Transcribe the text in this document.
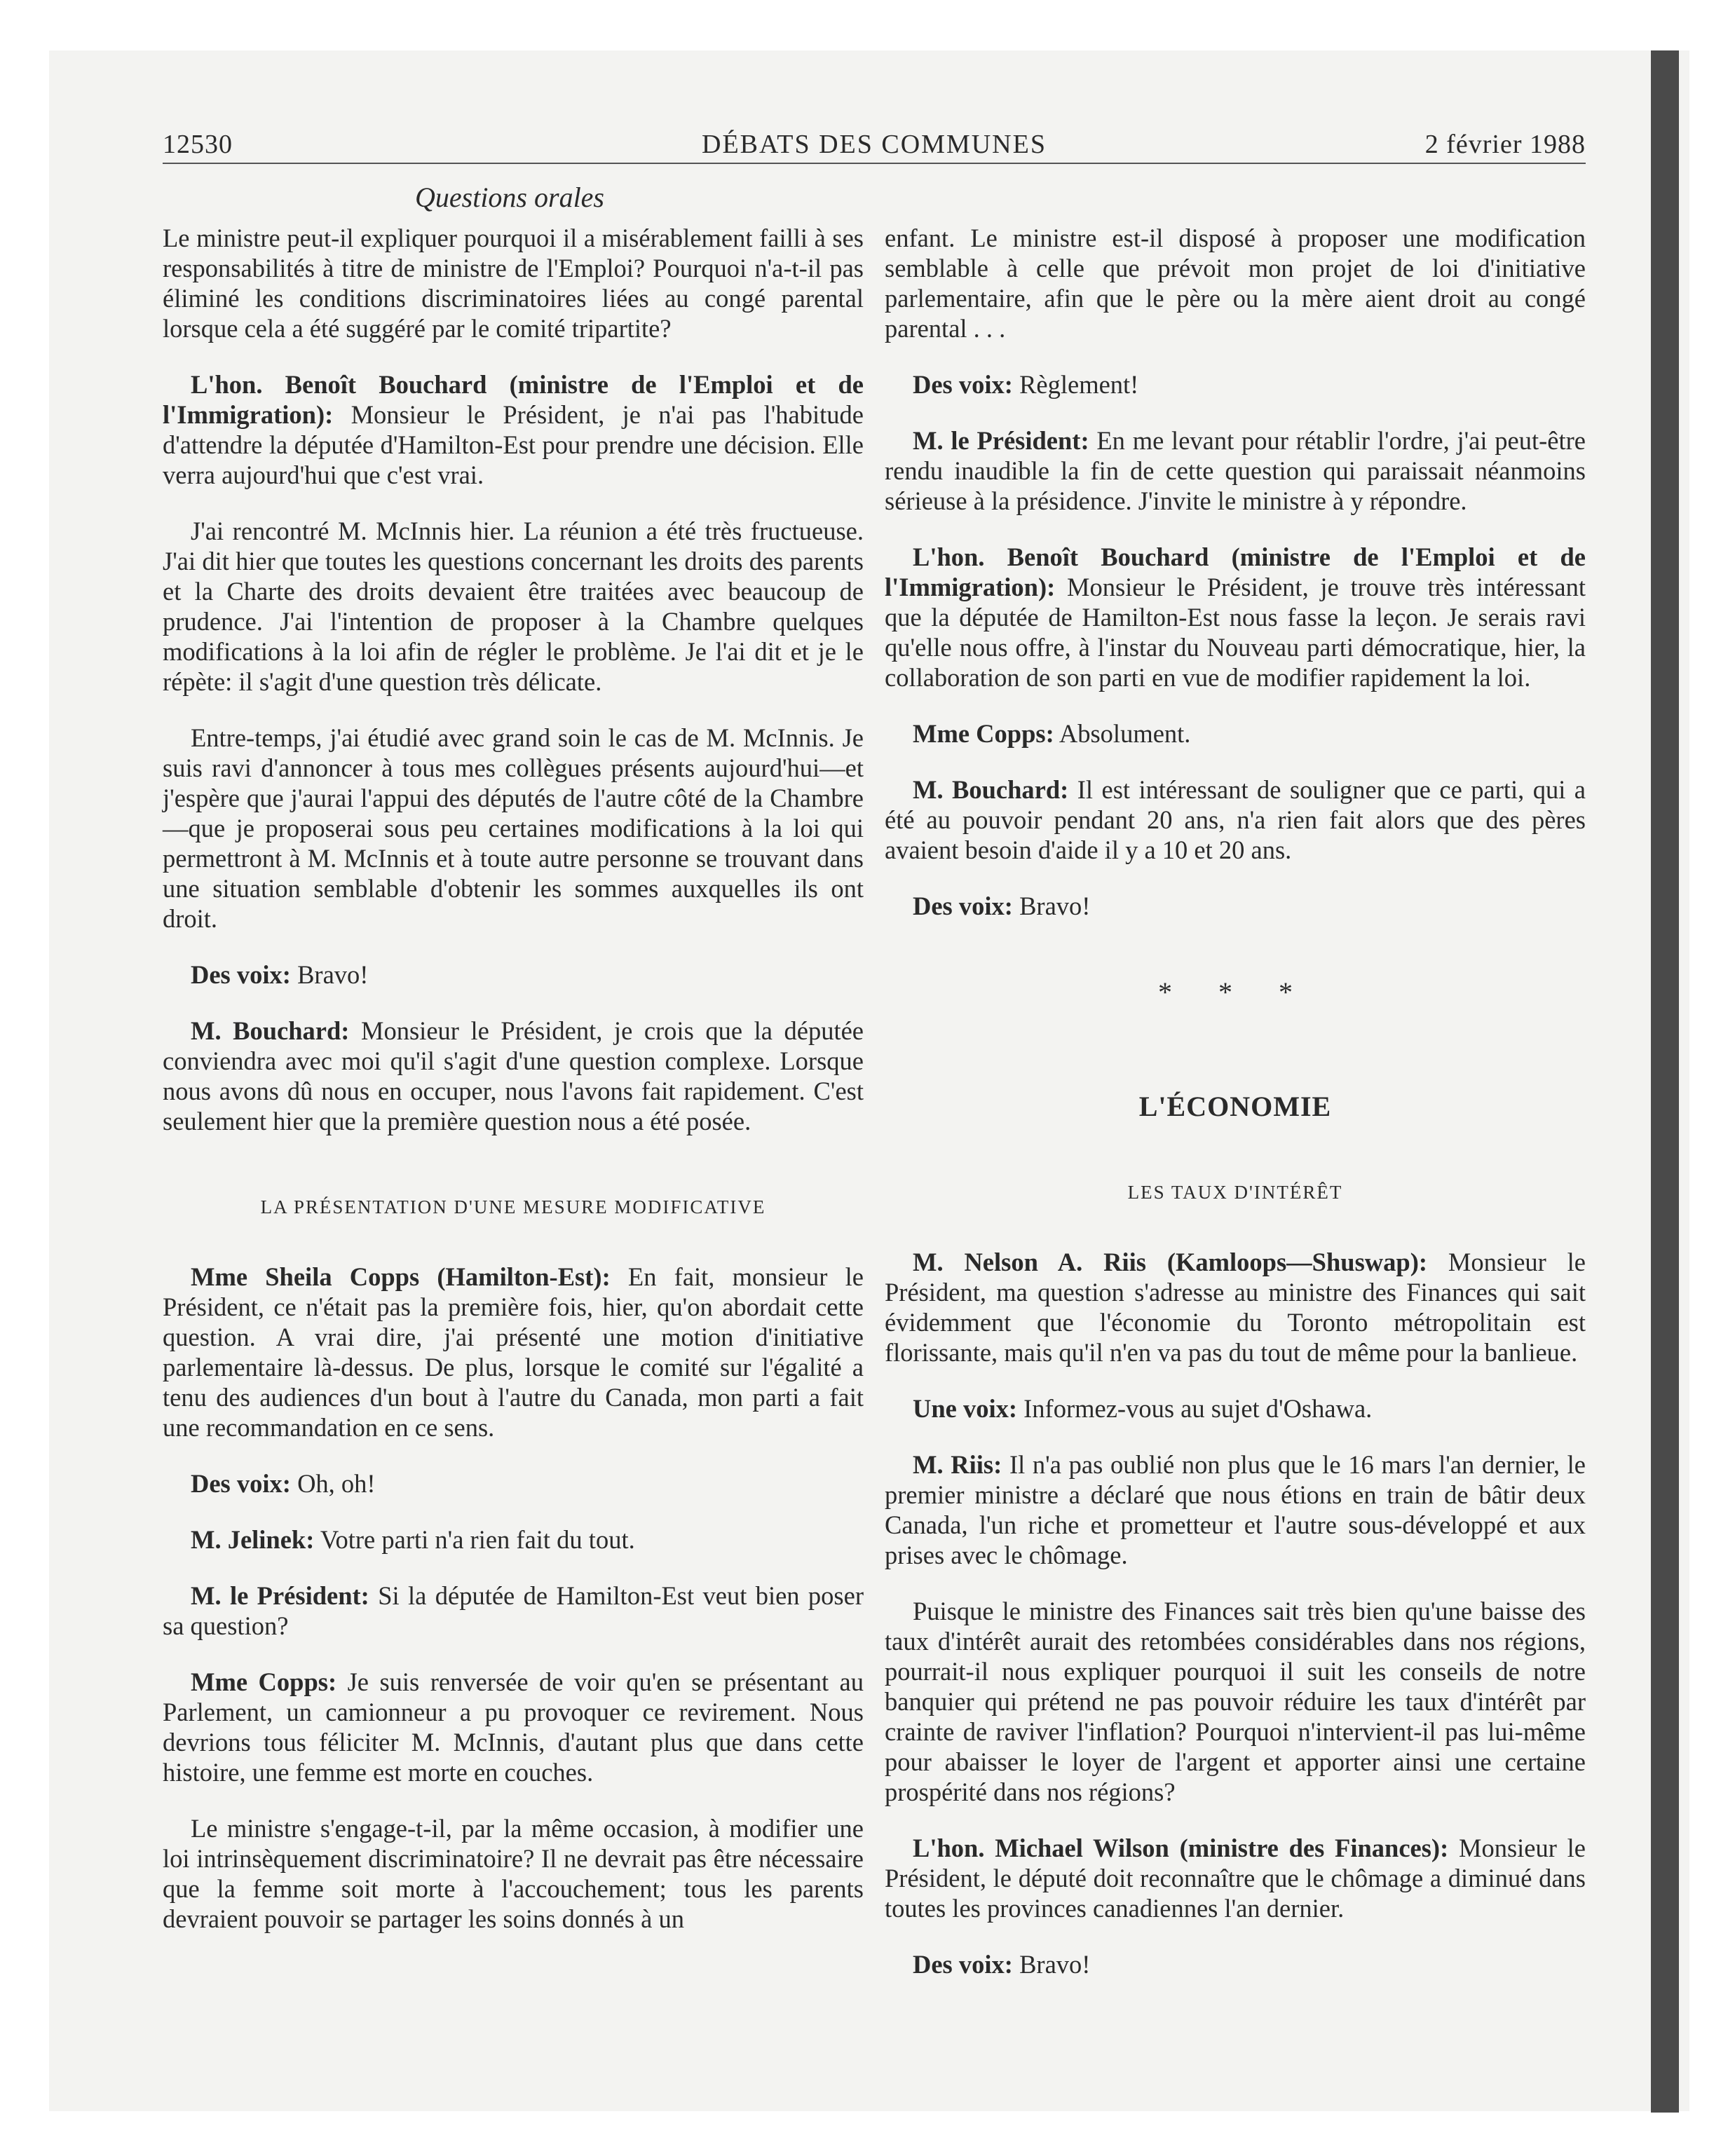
12530	DÉBATS DES COMMUNES	2 février 1988
Questions orales

Le ministre peut-il expliquer pourquoi il a misérablement failli à ses responsabilités à titre de ministre de l'Emploi? Pourquoi n'a-t-il pas éliminé les conditions discriminatoires liées au congé parental lorsque cela a été suggéré par le comité tripartite?

L'hon. Benoît Bouchard (ministre de l'Emploi et de l'Immigration): Monsieur le Président, je n'ai pas l'habitude d'attendre la députée d'Hamilton-Est pour prendre une décision. Elle verra aujourd'hui que c'est vrai.

J'ai rencontré M. McInnis hier. La réunion a été très fructueuse. J'ai dit hier que toutes les questions concernant les droits des parents et la Charte des droits devaient être traitées avec beaucoup de prudence. J'ai l'intention de proposer à la Chambre quelques modifications à la loi afin de régler le problème. Je l'ai dit et je le répète: il s'agit d'une question très délicate.

Entre-temps, j'ai étudié avec grand soin le cas de M. McInnis. Je suis ravi d'annoncer à tous mes collègues présents aujourd'hui—et j'espère que j'aurai l'appui des députés de l'autre côté de la Chambre—que je proposerai sous peu certaines modifications à la loi qui permettront à M. McInnis et à toute autre personne se trouvant dans une situation semblable d'obtenir les sommes auxquelles ils ont droit.

Des voix: Bravo!

M. Bouchard: Monsieur le Président, je crois que la députée conviendra avec moi qu'il s'agit d'une question complexe. Lorsque nous avons dû nous en occuper, nous l'avons fait rapidement. C'est seulement hier que la première question nous a été posée.

LA PRÉSENTATION D'UNE MESURE MODIFICATIVE

Mme Sheila Copps (Hamilton-Est): En fait, monsieur le Président, ce n'était pas la première fois, hier, qu'on abordait cette question. A vrai dire, j'ai présenté une motion d'initiative parlementaire là-dessus. De plus, lorsque le comité sur l'égalité a tenu des audiences d'un bout à l'autre du Canada, mon parti a fait une recommandation en ce sens.

Des voix: Oh, oh!

M. Jelinek: Votre parti n'a rien fait du tout.

M. le Président: Si la députée de Hamilton-Est veut bien poser sa question?

Mme Copps: Je suis renversée de voir qu'en se présentant au Parlement, un camionneur a pu provoquer ce revirement. Nous devrions tous féliciter M. McInnis, d'autant plus que dans cette histoire, une femme est morte en couches.

Le ministre s'engage-t-il, par la même occasion, à modifier une loi intrinsèquement discriminatoire? Il ne devrait pas être nécessaire que la femme soit morte à l'accouchement; tous les parents devraient pouvoir se partager les soins donnés à un

enfant. Le ministre est-il disposé à proposer une modification semblable à celle que prévoit mon projet de loi d'initiative parlementaire, afin que le père ou la mère aient droit au congé parental . . .

Des voix: Règlement!

M. le Président: En me levant pour rétablir l'ordre, j'ai peut-être rendu inaudible la fin de cette question qui paraissait néanmoins sérieuse à la présidence. J'invite le ministre à y répondre.

L'hon. Benoît Bouchard (ministre de l'Emploi et de l'Immigration): Monsieur le Président, je trouve très intéressant que la députée de Hamilton-Est nous fasse la leçon. Je serais ravi qu'elle nous offre, à l'instar du Nouveau parti démocratique, hier, la collaboration de son parti en vue de modifier rapidement la loi.

Mme Copps: Absolument.

M. Bouchard: Il est intéressant de souligner que ce parti, qui a été au pouvoir pendant 20 ans, n'a rien fait alors que des pères avaient besoin d'aide il y a 10 et 20 ans.

Des voix: Bravo!

* * *
L'ÉCONOMIE
LES TAUX D'INTÉRÊT

M. Nelson A. Riis (Kamloops—Shuswap): Monsieur le Président, ma question s'adresse au ministre des Finances qui sait évidemment que l'économie du Toronto métropolitain est florissante, mais qu'il n'en va pas du tout de même pour la banlieue.

Une voix: Informez-vous au sujet d'Oshawa.

M. Riis: Il n'a pas oublié non plus que le 16 mars l'an dernier, le premier ministre a déclaré que nous étions en train de bâtir deux Canada, l'un riche et prometteur et l'autre sous-développé et aux prises avec le chômage.

Puisque le ministre des Finances sait très bien qu'une baisse des taux d'intérêt aurait des retombées considérables dans nos régions, pourrait-il nous expliquer pourquoi il suit les conseils de notre banquier qui prétend ne pas pouvoir réduire les taux d'intérêt par crainte de raviver l'inflation? Pourquoi n'intervient-il pas lui-même pour abaisser le loyer de l'argent et apporter ainsi une certaine prospérité dans nos régions?

L'hon. Michael Wilson (ministre des Finances): Monsieur le Président, le député doit reconnaître que le chômage a diminué dans toutes les provinces canadiennes l'an dernier.

Des voix: Bravo!
